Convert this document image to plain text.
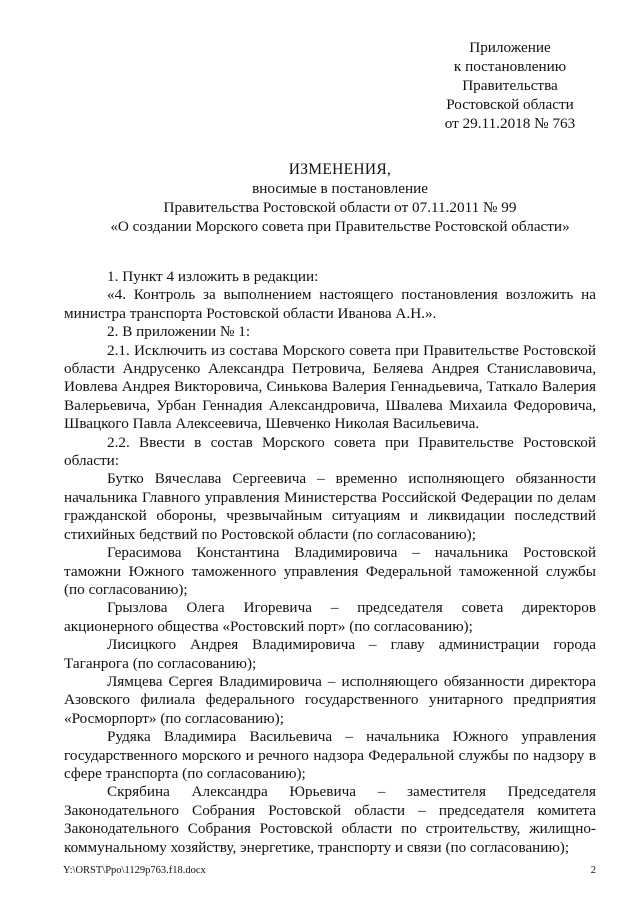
Приложение
к постановлению
Правительства
Ростовской области
от 29.11.2018 № 763
ИЗМЕНЕНИЯ,
вносимые в постановление
Правительства Ростовской области от 07.11.2011 № 99
«О создании Морского совета при Правительстве Ростовской области»

1. Пункт 4 изложить в редакции:

«4. Контроль за выполнением настоящего постановления возложить на министра транспорта Ростовской области Иванова А.Н.».

2. В приложении № 1:

2.1. Исключить из состава Морского совета при Правительстве Ростовской области Андрусенко Александра Петровича, Беляева Андрея Станиславовича, Иовлева Андрея Викторовича, Синькова Валерия Геннадьевича, Таткало Валерия Валерьевича, Урбан Геннадия Александровича, Швалева Михаила Федоровича, Швацкого Павла Алексеевича, Шевченко Николая Васильевича.

2.2. Ввести в состав Морского совета при Правительстве Ростовской области:

Бутко Вячеслава Сергеевича – временно исполняющего обязанности начальника Главного управления Министерства Российской Федерации по делам гражданской обороны, чрезвычайным ситуациям и ликвидации последствий стихийных бедствий по Ростовской области (по согласованию);

Герасимова Константина Владимировича – начальника Ростовской таможни Южного таможенного управления Федеральной таможенной службы (по согласованию);

Грызлова Олега Игоревича – председателя совета директоров акционерного общества «Ростовский порт» (по согласованию);

Лисицкого Андрея Владимировича – главу администрации города Таганрога (по согласованию);

Лямцева Сергея Владимировича – исполняющего обязанности директора Азовского филиала федерального государственного унитарного предприятия «Росморпорт» (по согласованию);

Рудяка Владимира Васильевича – начальника Южного управления государственного морского и речного надзора Федеральной службы по надзору в сфере транспорта (по согласованию);

Скрябина Александра Юрьевича – заместителя Председателя Законодательного Собрания Ростовской области – председателя комитета Законодательного Собрания Ростовской области по строительству, жилищно-коммунальному хозяйству, энергетике, транспорту и связи (по согласованию);

Y:\ORST\Ppo\1129p763.f18.docx	2
